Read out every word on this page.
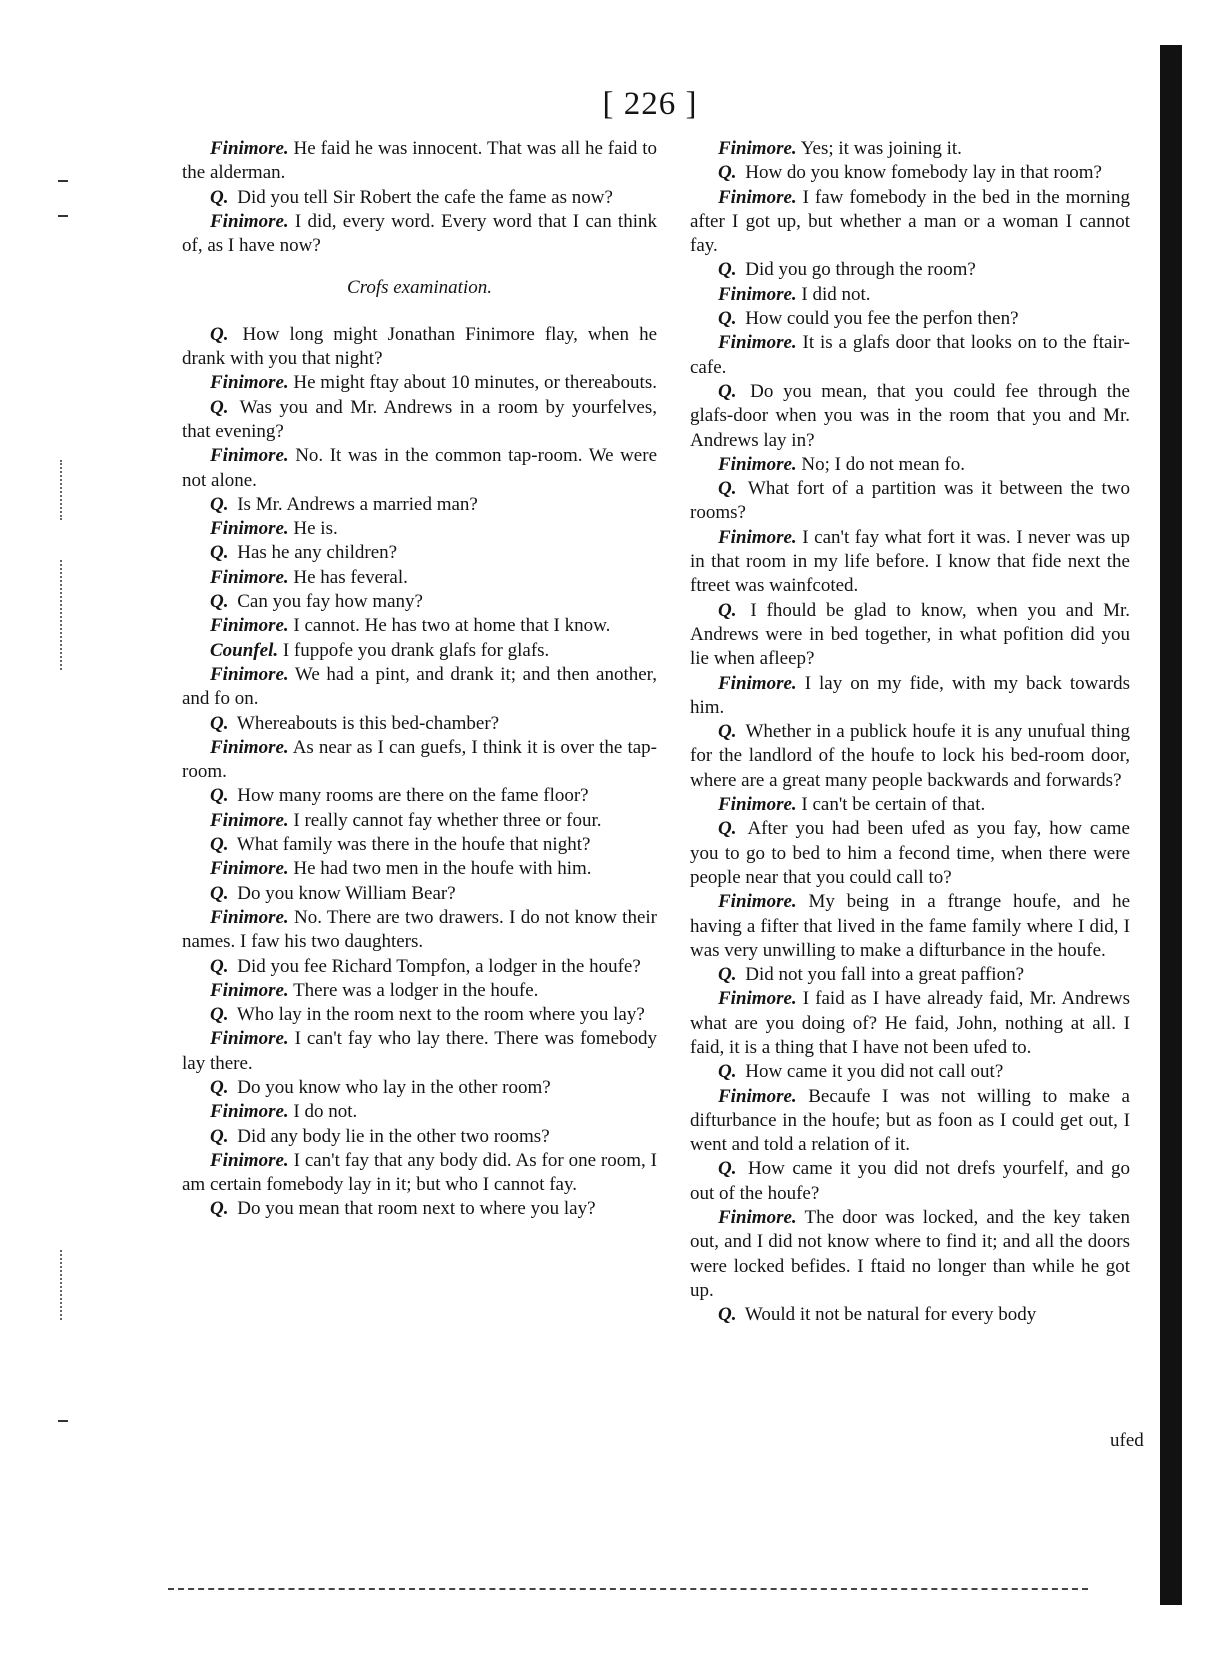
[ 226 ]

Finimore. He faid he was innocent. That was all he faid to the alderman.

Q. Did you tell Sir Robert the cafe the fame as now?

Finimore. I did, every word. Every word that I can think of, as I have now?

Crofs examination.

Q. How long might Jonathan Finimore flay, when he drank with you that night?

Finimore. He might ftay about 10 minutes, or thereabouts.

Q. Was you and Mr. Andrews in a room by yourfelves, that evening?

Finimore. No. It was in the common tap-room. We were not alone.

Q. Is Mr. Andrews a married man?

Finimore. He is.

Q. Has he any children?

Finimore. He has feveral.

Q. Can you fay how many?

Finimore. I cannot. He has two at home that I know.

Counfel. I fuppofe you drank glafs for glafs.

Finimore. We had a pint, and drank it; and then another, and fo on.

Q. Whereabouts is this bed-chamber?

Finimore. As near as I can guefs, I think it is over the tap-room.

Q. How many rooms are there on the fame floor?

Finimore. I really cannot fay whether three or four.

Q. What family was there in the houfe that night?

Finimore. He had two men in the houfe with him.

Q. Do you know William Bear?

Finimore. No. There are two drawers. I do not know their names. I faw his two daughters.

Q. Did you fee Richard Tompfon, a lodger in the houfe?

Finimore. There was a lodger in the houfe.

Q. Who lay in the room next to the room where you lay?

Finimore. I can't fay who lay there. There was fomebody lay there.

Q. Do you know who lay in the other room?

Finimore. I do not.

Q. Did any body lie in the other two rooms?

Finimore. I can't fay that any body did. As for one room, I am certain fomebody lay in it; but who I cannot fay.

Q. Do you mean that room next to where you lay?

Finimore. Yes; it was joining it.

Q. How do you know fomebody lay in that room?

Finimore. I faw fomebody in the bed in the morning after I got up, but whether a man or a woman I cannot fay.

Q. Did you go through the room?

Finimore. I did not.

Q. How could you fee the perfon then?

Finimore. It is a glafs door that looks on to the ftair-cafe.

Q. Do you mean, that you could fee through the glafs-door when you was in the room that you and Mr. Andrews lay in?

Finimore. No; I do not mean fo.

Q. What fort of a partition was it between the two rooms?

Finimore. I can't fay what fort it was. I never was up in that room in my life before. I know that fide next the ftreet was wainfcoted.

Q. I fhould be glad to know, when you and Mr. Andrews were in bed together, in what pofition did you lie when afleep?

Finimore. I lay on my fide, with my back towards him.

Q. Whether in a publick houfe it is any unufual thing for the landlord of the houfe to lock his bed-room door, where are a great many people backwards and forwards?

Finimore. I can't be certain of that.

Q. After you had been ufed as you fay, how came you to go to bed to him a fecond time, when there were people near that you could call to?

Finimore. My being in a ftrange houfe, and he having a fifter that lived in the fame family where I did, I was very unwilling to make a difturbance in the houfe.

Q. Did not you fall into a great paffion?

Finimore. I faid as I have already faid, Mr. Andrews what are you doing of? He faid, John, nothing at all. I faid, it is a thing that I have not been ufed to.

Q. How came it you did not call out?

Finimore. Becaufe I was not willing to make a difturbance in the houfe; but as foon as I could get out, I went and told a relation of it.

Q. How came it you did not drefs yourfelf, and go out of the houfe?

Finimore. The door was locked, and the key taken out, and I did not know where to find it; and all the doors were locked befides. I ftaid no longer than while he got up.

Q. Would it not be natural for every body

ufed
